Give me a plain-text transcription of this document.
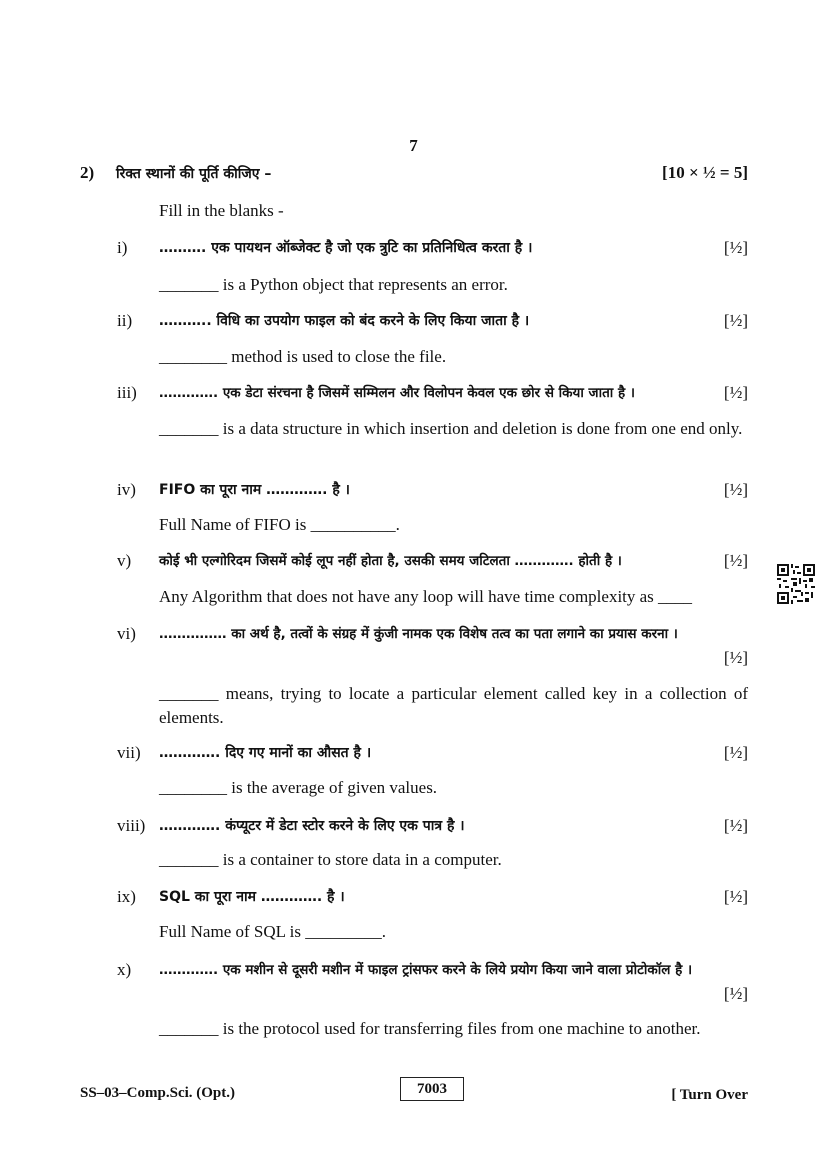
7
2) रिक्त स्थानों की पूर्ति कीजिए –	[10 × ½ = 5]
Fill in the blanks -
i) ………. एक पायथन ऑब्जेक्ट है जो एक त्रुटि का प्रतिनिधित्व करता है ।	[½]
_______ is a Python object that represents an error.
ii) ……….. विधि का उपयोग फाइल को बंद करने के लिए किया जाता है ।	[½]
________ method is used to close the file.
iii) …………. एक डेटा संरचना है जिसमें सम्मिलन और विलोपन केवल एक छोर से किया जाता है ।	[½]
_______ is a data structure in which insertion and deletion is done from one end only.
iv) FIFO का पूरा नाम …………. है ।	[½]
Full Name of FIFO is __________.
v) कोई भी एल्गोरिदम जिसमें कोई लूप नहीं होता है, उसकी समय जटिलता …………. होती है ।	[½]
Any Algorithm that does not have any loop will have time complexity as ____
vi) …………… का अर्थ है, तत्वों के संग्रह में कुंजी नामक एक विशेष तत्व का पता लगाने का प्रयास करना ।
[½]
_______ means, trying to locate a particular element called key in a collection of elements.
vii) …………. दिए गए मानों का औसत है ।	[½]
________ is the average of given values.
viii) …………. कंप्यूटर में डेटा स्टोर करने के लिए एक पात्र है ।	[½]
_______ is a container to store data in a computer.
ix) SQL का पूरा नाम …………. है ।	[½]
Full Name of SQL is _________.
x) …………. एक मशीन से दूसरी मशीन में फाइल ट्रांसफर करने के लिये प्रयोग किया जाने वाला प्रोटोकॉल है ।
[½]
_______ is the protocol used for transferring files from one machine to another.
SS–03–Comp.Sci. (Opt.)	7003	[ Turn Over
